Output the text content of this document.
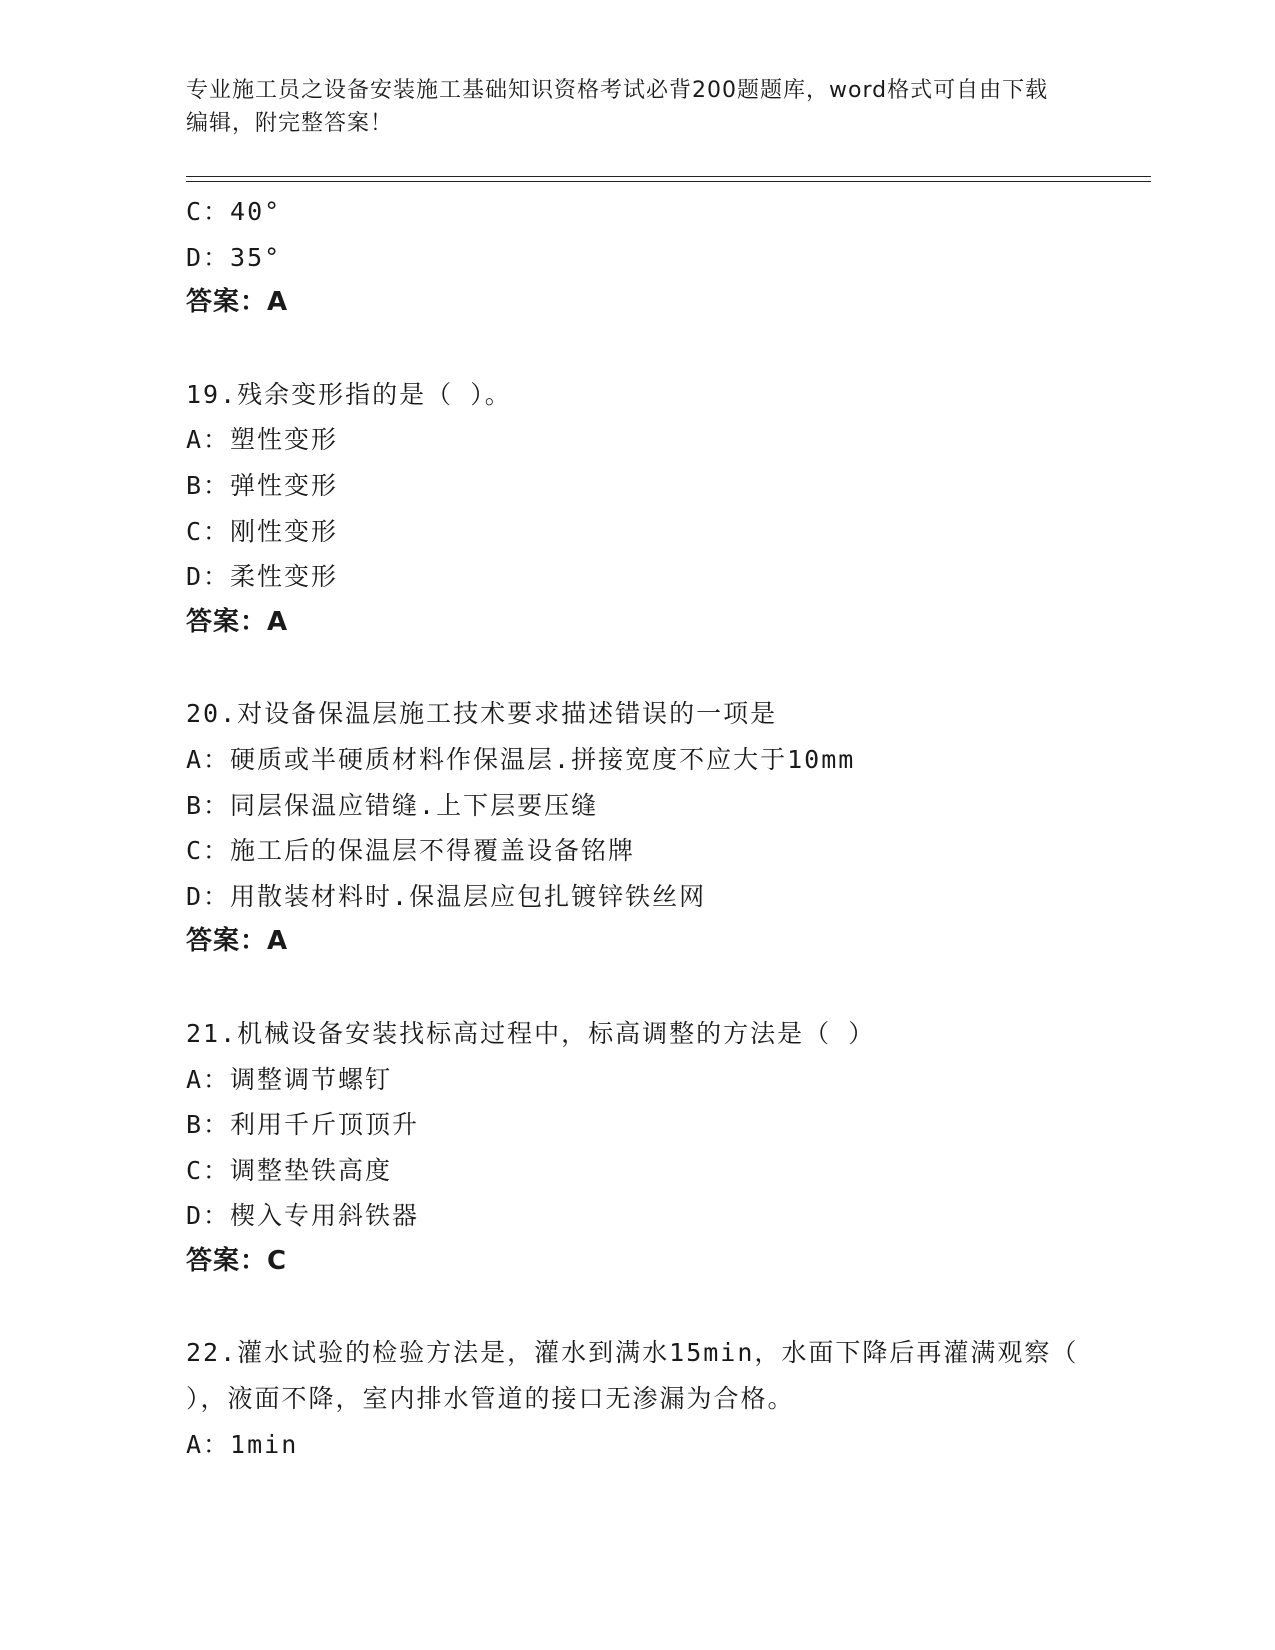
专业施工员之设备安装施工基础知识资格考试必背200题题库，word格式可自由下载编辑，附完整答案！
C：40°
D：35°
答案：A
19.残余变形指的是（ ）。
A：塑性变形
B：弹性变形
C：刚性变形
D：柔性变形
答案：A
20.对设备保温层施工技术要求描述错误的一项是
A：硬质或半硬质材料作保温层.拼接宽度不应大于10mm
B：同层保温应错缝.上下层要压缝
C：施工后的保温层不得覆盖设备铭牌
D：用散装材料时.保温层应包扎镀锌铁丝网
答案：A
21.机械设备安装找标高过程中，标高调整的方法是（ ）
A：调整调节螺钉
B：利用千斤顶顶升
C：调整垫铁高度
D：楔入专用斜铁器
答案：C
22.灌水试验的检验方法是，灌水到满水15min，水面下降后再灌满观察（ ），液面不降，室内排水管道的接口无渗漏为合格。
A：1min
